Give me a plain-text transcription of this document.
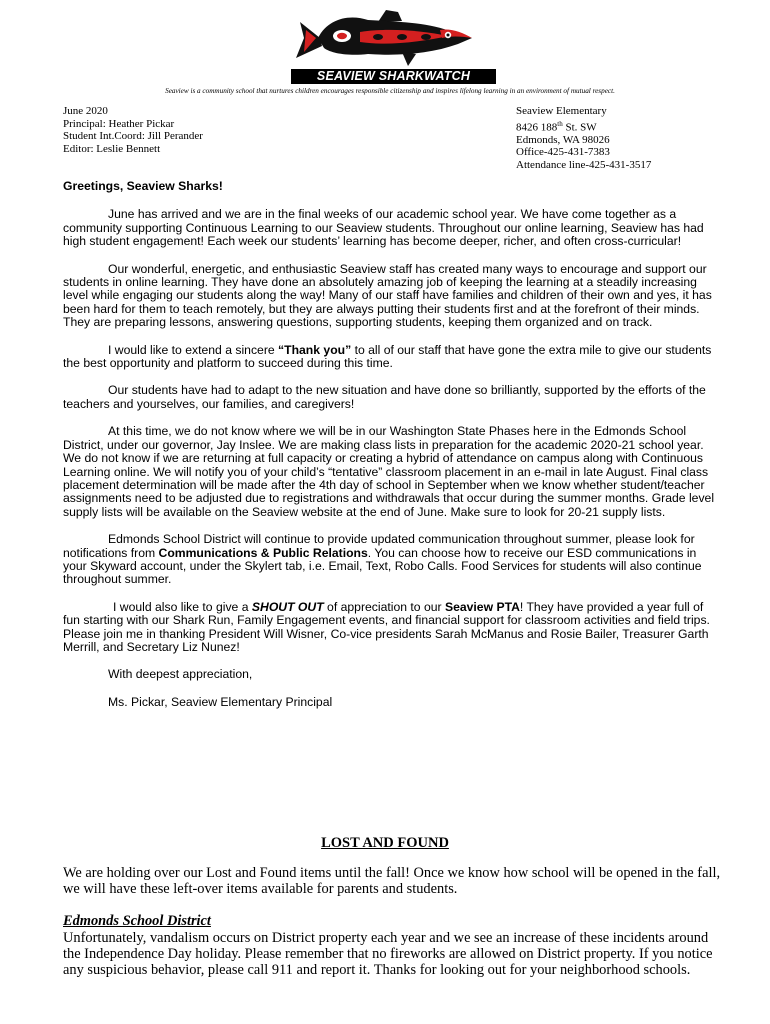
SEAVIEW SHARKWATCH
Seaview is a community school that nurtures children encourages responsible citizenship and inspires lifelong learning in an environment of mutual respect.
June 2020
Principal: Heather Pickar
Student Int.Coord: Jill Perander
Editor: Leslie Bennett
Seaview Elementary
8426 188th St. SW
Edmonds, WA 98026
Office-425-431-7383
Attendance line-425-431-3517

Greetings, Seaview Sharks!

June has arrived and we are in the final weeks of our academic school year. We have come together as a community supporting Continuous Learning to our Seaview students. Throughout our online learning, Seaview has had high student engagement! Each week our students’ learning has become deeper, richer, and often cross-curricular!

Our wonderful, energetic, and enthusiastic Seaview staff has created many ways to encourage and support our students in online learning. They have done an absolutely amazing job of keeping the learning at a steadily increasing level while engaging our students along the way! Many of our staff have families and children of their own and yes, it has been hard for them to teach remotely, but they are always putting their students first and at the forefront of their minds. They are preparing lessons, answering questions, supporting students, keeping them organized and on track.

I would like to extend a sincere “Thank you” to all of our staff that have gone the extra mile to give our students the best opportunity and platform to succeed during this time.

Our students have had to adapt to the new situation and have done so brilliantly, supported by the efforts of the teachers and yourselves, our families, and caregivers!

At this time, we do not know where we will be in our Washington State Phases here in the Edmonds School District, under our governor, Jay Inslee. We are making class lists in preparation for the academic 2020-21 school year. We do not know if we are returning at full capacity or creating a hybrid of attendance on campus along with Continuous Learning online. We will notify you of your child’s “tentative” classroom placement in an e-mail in late August. Final class placement determination will be made after the 4th day of school in September when we know whether student/teacher assignments need to be adjusted due to registrations and withdrawals that occur during the summer months. Grade level supply lists will be available on the Seaview website at the end of June. Make sure to look for 20-21 supply lists.

Edmonds School District will continue to provide updated communication throughout summer, please look for notifications from Communications & Public Relations. You can choose how to receive our ESD communications in your Skyward account, under the Skylert tab, i.e. Email, Text, Robo Calls. Food Services for students will also continue throughout summer.

I would also like to give a SHOUT OUT of appreciation to our Seaview PTA! They have provided a year full of fun starting with our Shark Run, Family Engagement events, and financial support for classroom activities and field trips. Please join me in thanking President Will Wisner, Co-vice presidents Sarah McManus and Rosie Bailer, Treasurer Garth Merrill, and Secretary Liz Nunez!

With deepest appreciation,

Ms. Pickar, Seaview Elementary Principal

LOST AND FOUND

We are holding over our Lost and Found items until the fall! Once we know how school will be opened in the fall, we will have these left-over items available for parents and students.

Edmonds School District

Unfortunately, vandalism occurs on District property each year and we see an increase of these incidents around the Independence Day holiday. Please remember that no fireworks are allowed on District property. If you notice any suspicious behavior, please call 911 and report it. Thanks for looking out for your neighborhood schools.
